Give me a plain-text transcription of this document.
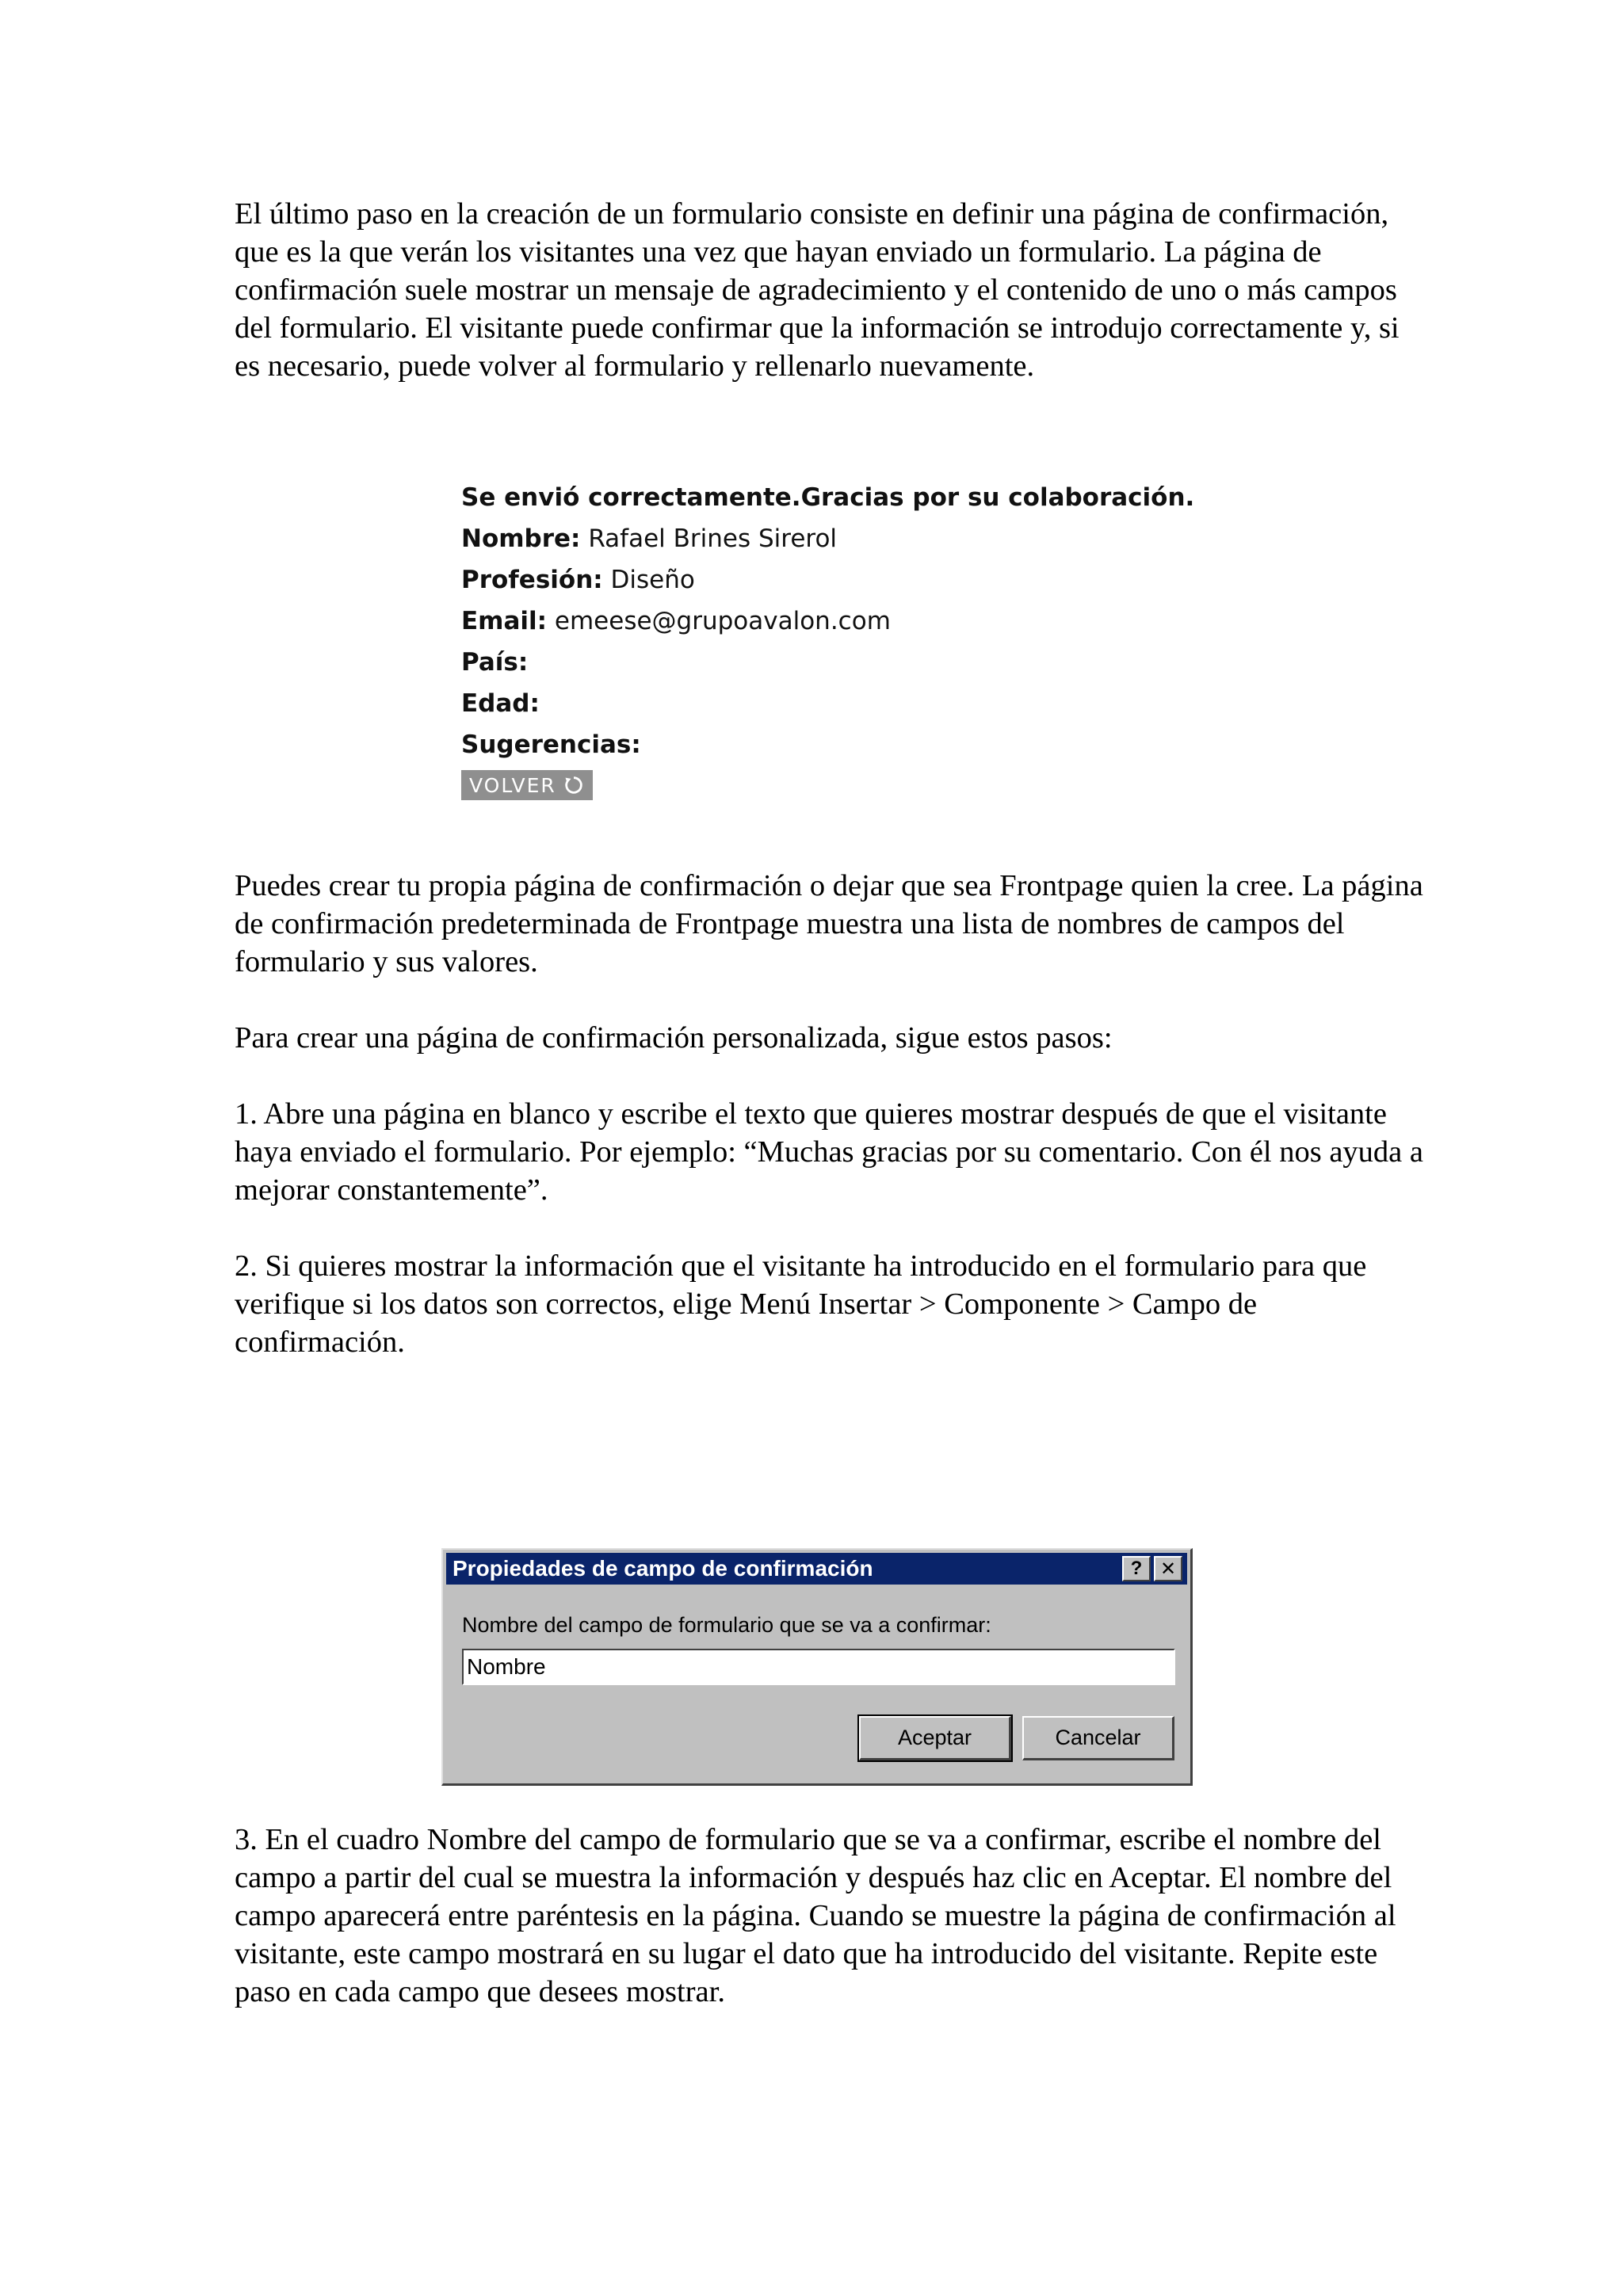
El último paso en la creación de un formulario consiste en definir una página de confirmación, que es la que verán los visitantes una vez que hayan enviado un formulario. La página de confirmación suele mostrar un mensaje de agradecimiento y el contenido de uno o más campos del formulario. El visitante puede confirmar que la información se introdujo correctamente y, si es necesario, puede volver al formulario y rellenarlo nuevamente.

Se envió correctamente.Gracias por su colaboración.
Nombre: Rafael Brines Sirerol
Profesión: Diseño
Email: emeese@grupoavalon.com
País:
Edad:
Sugerencias:
VOLVER

Puedes crear tu propia página de confirmación o dejar que sea Frontpage quien la cree. La página de confirmación predeterminada de Frontpage muestra una lista de nombres de campos del formulario y sus valores.

Para crear una página de confirmación personalizada, sigue estos pasos:

1. Abre una página en blanco y escribe el texto que quieres mostrar después de que el visitante haya enviado el formulario. Por ejemplo: “Muchas gracias por su comentario. Con él nos ayuda a mejorar constantemente”.

2. Si quieres mostrar la información que el visitante ha introducido en el formulario para que verifique si los datos son correctos, elige Menú Insertar > Componente > Campo de confirmación.

Propiedades de campo de confirmación	? ✕
Nombre del campo de formulario que se va a confirmar:
Nombre
Aceptar	Cancelar

3. En el cuadro Nombre del campo de formulario que se va a confirmar, escribe el nombre del campo a partir del cual se muestra la información y después haz clic en Aceptar. El nombre del campo aparecerá entre paréntesis en la página. Cuando se muestre la página de confirmación al visitante, este campo mostrará en su lugar el dato que ha introducido del visitante. Repite este paso en cada campo que desees mostrar.
